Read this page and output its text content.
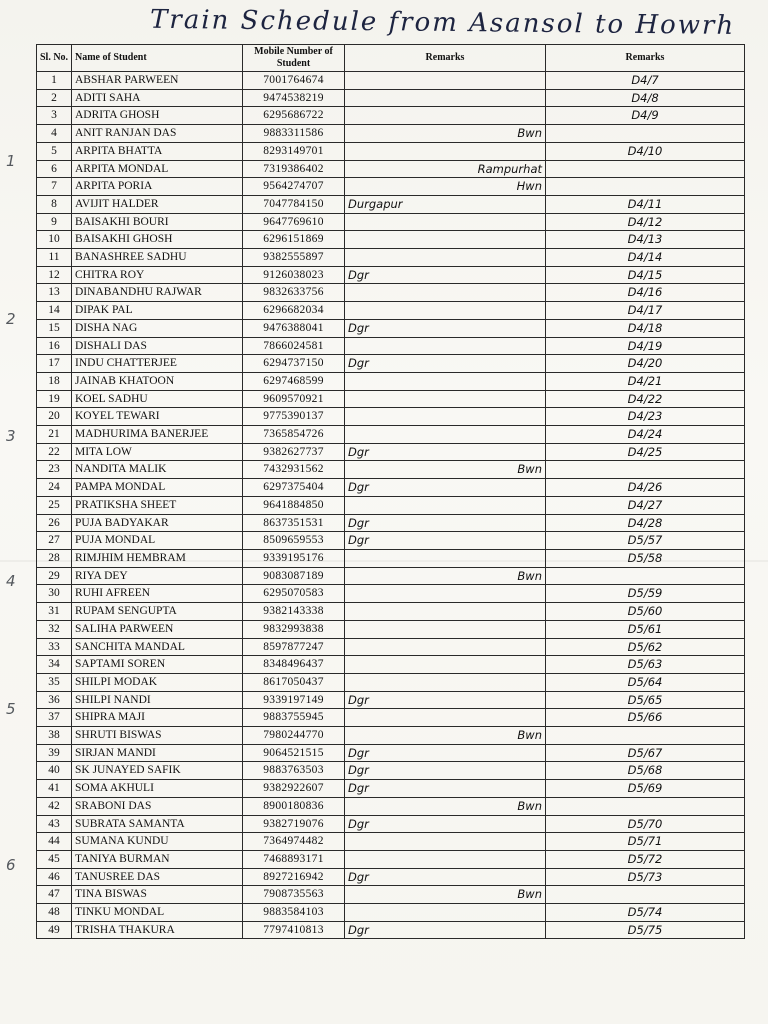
Train Schedule from Asansol to Howrh
1
2
3
4
5
6
Sl. No.	Name of Student	Mobile Number of Student	Remarks	Remarks
1	ABSHAR PARWEEN	7001764674		D4/7
2	ADITI SAHA	9474538219		D4/8
3	ADRITA GHOSH	6295686722		D4/9
4	ANIT RANJAN DAS	9883311586	Bwn	
5	ARPITA BHATTA	8293149701		D4/10
6	ARPITA MONDAL	7319386402	Rampurhat	
7	ARPITA PORIA	9564274707	Hwn	
8	AVIJIT HALDER	7047784150	Durgapur	D4/11
9	BAISAKHI BOURI	9647769610		D4/12
10	BAISAKHI GHOSH	6296151869		D4/13
11	BANASHREE SADHU	9382555897		D4/14
12	CHITRA ROY	9126038023	Dgr	D4/15
13	DINABANDHU RAJWAR	9832633756		D4/16
14	DIPAK PAL	6296682034		D4/17
15	DISHA NAG	9476388041	Dgr	D4/18
16	DISHALI DAS	7866024581		D4/19
17	INDU CHATTERJEE	6294737150	Dgr	D4/20
18	JAINAB KHATOON	6297468599		D4/21
19	KOEL SADHU	9609570921		D4/22
20	KOYEL TEWARI	9775390137		D4/23
21	MADHURIMA BANERJEE	7365854726		D4/24
22	MITA LOW	9382627737	Dgr	D4/25
23	NANDITA MALIK	7432931562	Bwn	
24	PAMPA MONDAL	6297375404	Dgr	D4/26
25	PRATIKSHA SHEET	9641884850		D4/27
26	PUJA BADYAKAR	8637351531	Dgr	D4/28
27	PUJA MONDAL	8509659553	Dgr	D5/57
28	RIMJHIM HEMBRAM	9339195176		D5/58
29	RIYA DEY	9083087189	Bwn	
30	RUHI AFREEN	6295070583		D5/59
31	RUPAM SENGUPTA	9382143338		D5/60
32	SALIHA PARWEEN	9832993838		D5/61
33	SANCHITA MANDAL	8597877247		D5/62
34	SAPTAMI SOREN	8348496437		D5/63
35	SHILPI MODAK	8617050437		D5/64
36	SHILPI NANDI	9339197149	Dgr	D5/65
37	SHIPRA MAJI	9883755945		D5/66
38	SHRUTI BISWAS	7980244770	Bwn	
39	SIRJAN MANDI	9064521515	Dgr	D5/67
40	SK JUNAYED SAFIK	9883763503	Dgr	D5/68
41	SOMA AKHULI	9382922607	Dgr	D5/69
42	SRABONI DAS	8900180836	Bwn	
43	SUBRATA SAMANTA	9382719076	Dgr	D5/70
44	SUMANA KUNDU	7364974482		D5/71
45	TANIYA BURMAN	7468893171		D5/72
46	TANUSREE DAS	8927216942	Dgr	D5/73
47	TINA BISWAS	7908735563	Bwn	
48	TINKU MONDAL	9883584103		D5/74
49	TRISHA THAKURA	7797410813	Dgr	D5/75
